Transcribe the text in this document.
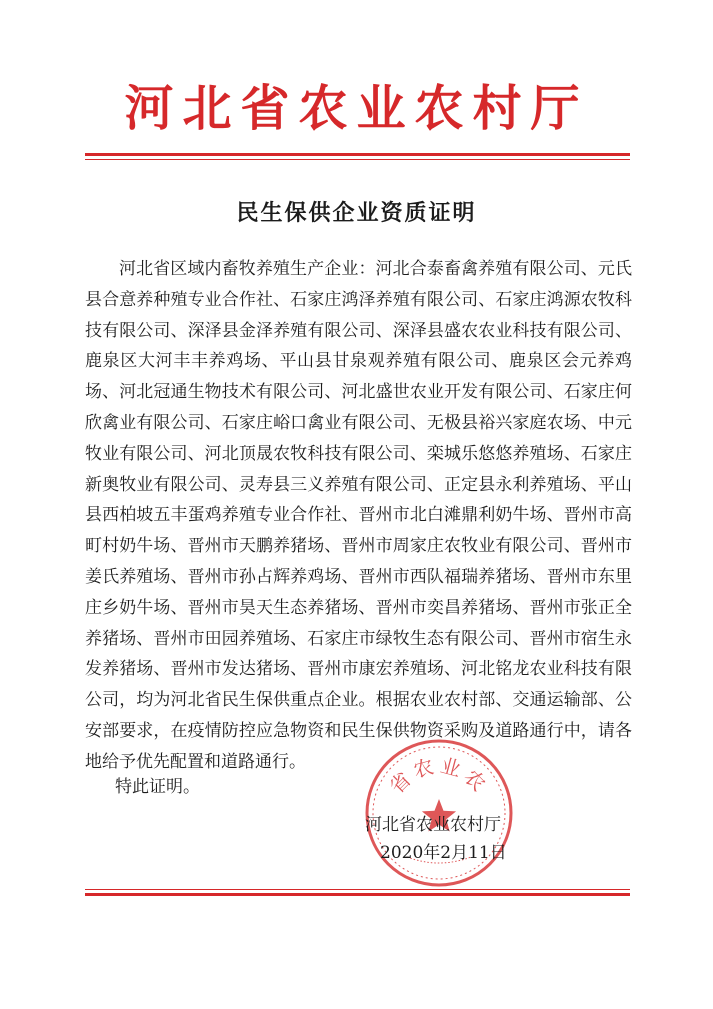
河北省农业农村厅
民生保供企业资质证明

河北省区域内畜牧养殖生产企业：河北合泰畜禽养殖有限公司、元氏县合意养种殖专业合作社、石家庄鸿泽养殖有限公司、石家庄鸿源农牧科技有限公司、深泽县金泽养殖有限公司、深泽县盛农农业科技有限公司、鹿泉区大河丰丰养鸡场、平山县甘泉观养殖有限公司、鹿泉区会元养鸡场、河北冠通生物技术有限公司、河北盛世农业开发有限公司、石家庄何欣禽业有限公司、石家庄峪口禽业有限公司、无极县裕兴家庭农场、中元牧业有限公司、河北顶晟农牧科技有限公司、栾城乐悠悠养殖场、石家庄新奥牧业有限公司、灵寿县三义养殖有限公司、正定县永利养殖场、平山县西柏坡五丰蛋鸡养殖专业合作社、晋州市北白滩鼎利奶牛场、晋州市高町村奶牛场、晋州市天鹏养猪场、晋州市周家庄农牧业有限公司、晋州市姜氏养殖场、晋州市孙占辉养鸡场、晋州市西队福瑞养猪场、晋州市东里庄乡奶牛场、晋州市昊天生态养猪场、晋州市奕昌养猪场、晋州市张正全养猪场、晋州市田园养殖场、石家庄市绿牧生态有限公司、晋州市宿生永发养猪场、晋州市发达猪场、晋州市康宏养殖场、河北铭龙农业科技有限公司，均为河北省民生保供重点企业。根据农业农村部、交通运输部、公安部要求，在疫情防控应急物资和民生保供物资采购及道路通行中，请各地给予优先配置和道路通行。

特此证明。	省农业农
河北省农业农村厅
2020年2月11日
